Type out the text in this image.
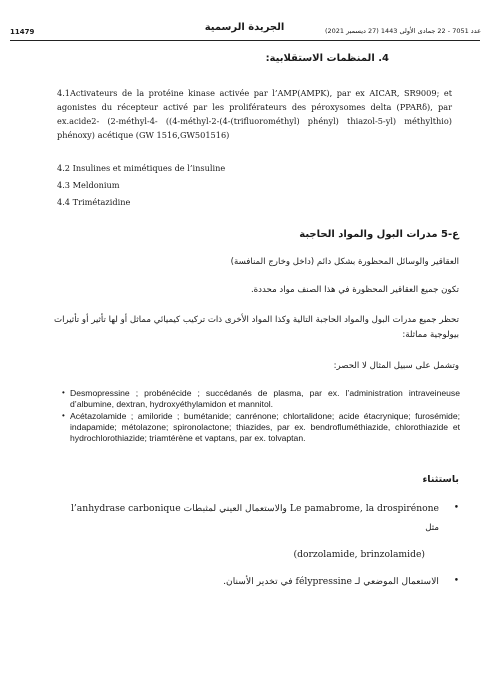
11479	الجريدة الرسمية	عدد 7051 - 22 جمادى الأولى 1443 (27 ديسمبر 2021)
4. المنظمات الاستقلابية:
4.1Activateurs de la protéine kinase activée par l’AMP(AMPK), par ex AICAR, SR9009; et agonistes du récepteur activé par les proliférateurs des péroxysomes delta (PPARδ), par ex.acide2- (2-méthyl-4- ((4-méthyl-2-(4-(trifluorométhyl) phényl) thiazol-5-yl) méthylthio) phénoxy) acétique (GW 1516,GW501516)
4.2 Insulines et mimétiques de l’insuline
4.3 Meldonium
4.4 Trimétazidine
ع-5 مدرات البول والمواد الحاجبة
العقاقير والوسائل المحظورة بشكل دائم (داخل وخارج المنافسة)
تكون جميع العقاقير المحظورة في هذا الصنف مواد محددة.
تحظر جميع مدرات البول والمواد الحاجبة التالية وكذا المواد الأخرى ذات تركيب كيميائي مماثل أو لها تأثير أو تأثيرات بيولوجية مماثلة:
وتشمل على سبيل المثال لا الحصر:
• Desmopressine ; probénécide ; succédanés de plasma, par ex. l’administration intraveineuse d’albumine, dextran, hydroxyéthylamidon et mannitol.
• Acétazolamide ; amiloride ; bumétanide; canrénone; chlortalidone; acide étacrynique; furosémide; indapamide; métolazone; spironolactone; thiazides, par ex. bendrofluméthiazide, chlorothiazide et hydrochlorothiazide; triamtérène et vaptans, par ex. tolvaptan.
باستثناء
•
l’anhydrase carbonique والاستعمال العيني لمثبطات Le pamabrome, la drospirénone
مثل
(dorzolamide, brinzolamide)
•
الاستعمال الموضعي لـ félypressine في تخدير الأسنان.
